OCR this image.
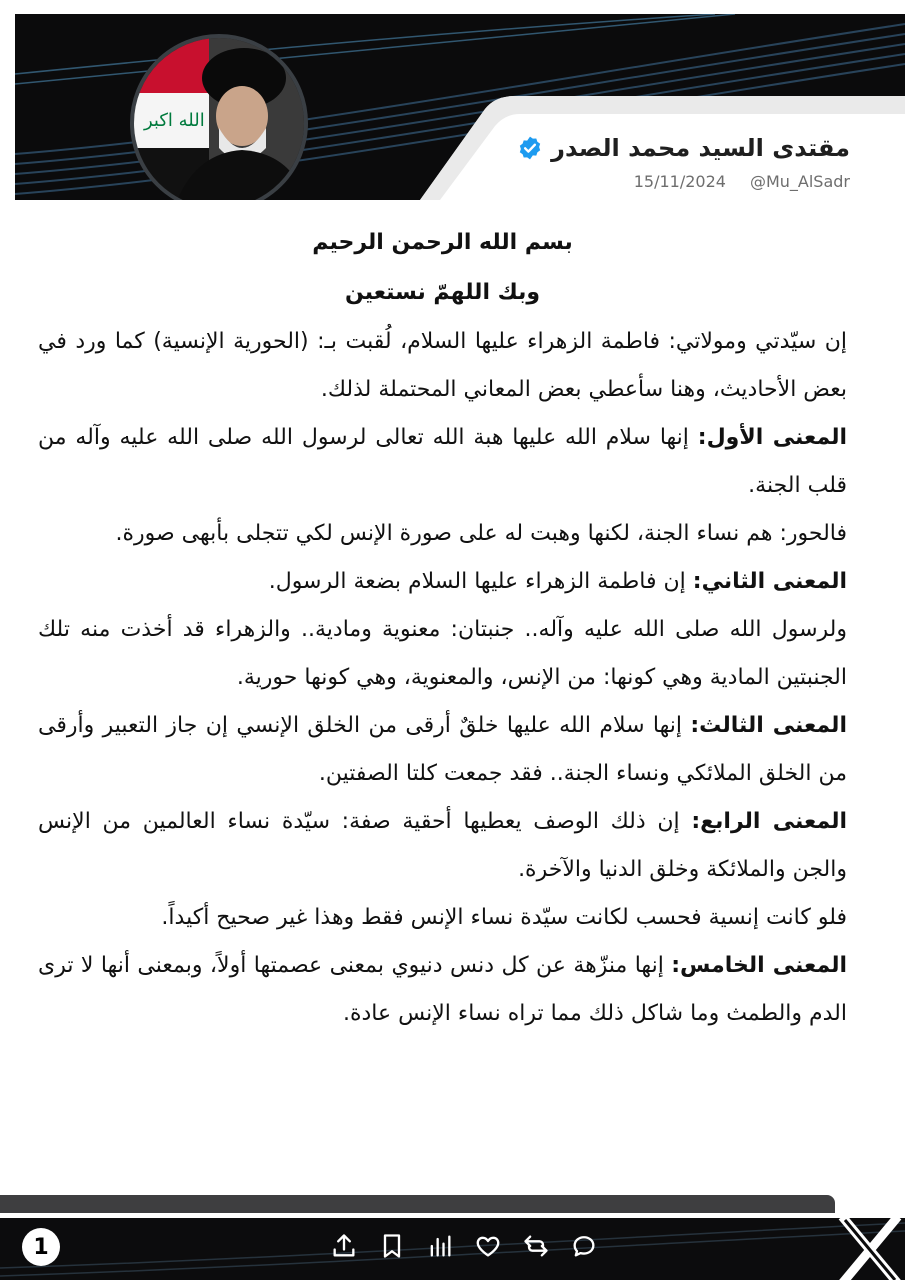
الله اكبر
مقتدى السيد محمد الصدر
15/11/2024 @Mu_AlSadr

بسم الله الرحمن الرحيم

وبك اللهمّ نستعين

إن سيّدتي ومولاتي: فاطمة الزهراء عليها السلام، لُقبت بـ: (الحورية الإنسية) كما ورد في بعض الأحاديث، وهنا سأعطي بعض المعاني المحتملة لذلك.

المعنى الأول: إنها سلام الله عليها هبة الله تعالى لرسول الله صلى الله عليه وآله من قلب الجنة.

فالحور: هم نساء الجنة، لكنها وهبت له على صورة الإنس لكي تتجلى بأبهى صورة.

المعنى الثاني: إن فاطمة الزهراء عليها السلام بضعة الرسول.

ولرسول الله صلى الله عليه وآله.. جنبتان: معنوية ومادية.. والزهراء قد أخذت منه تلك الجنبتين المادية وهي كونها: من الإنس، والمعنوية، وهي كونها حورية.

المعنى الثالث: إنها سلام الله عليها خلقٌ أرقى من الخلق الإنسي إن جاز التعبير وأرقى من الخلق الملائكي ونساء الجنة.. فقد جمعت كلتا الصفتين.

المعنى الرابع: إن ذلك الوصف يعطيها أحقية صفة: سيّدة نساء العالمين من الإنس والجن والملائكة وخلق الدنيا والآخرة.

فلو كانت إنسية فحسب لكانت سيّدة نساء الإنس فقط وهذا غير صحيح أكيداً.

المعنى الخامس: إنها منزّهة عن كل دنس دنيوي بمعنى عصمتها أولاً، وبمعنى أنها لا ترى الدم والطمث وما شاكل ذلك مما تراه نساء الإنس عادة.

1
